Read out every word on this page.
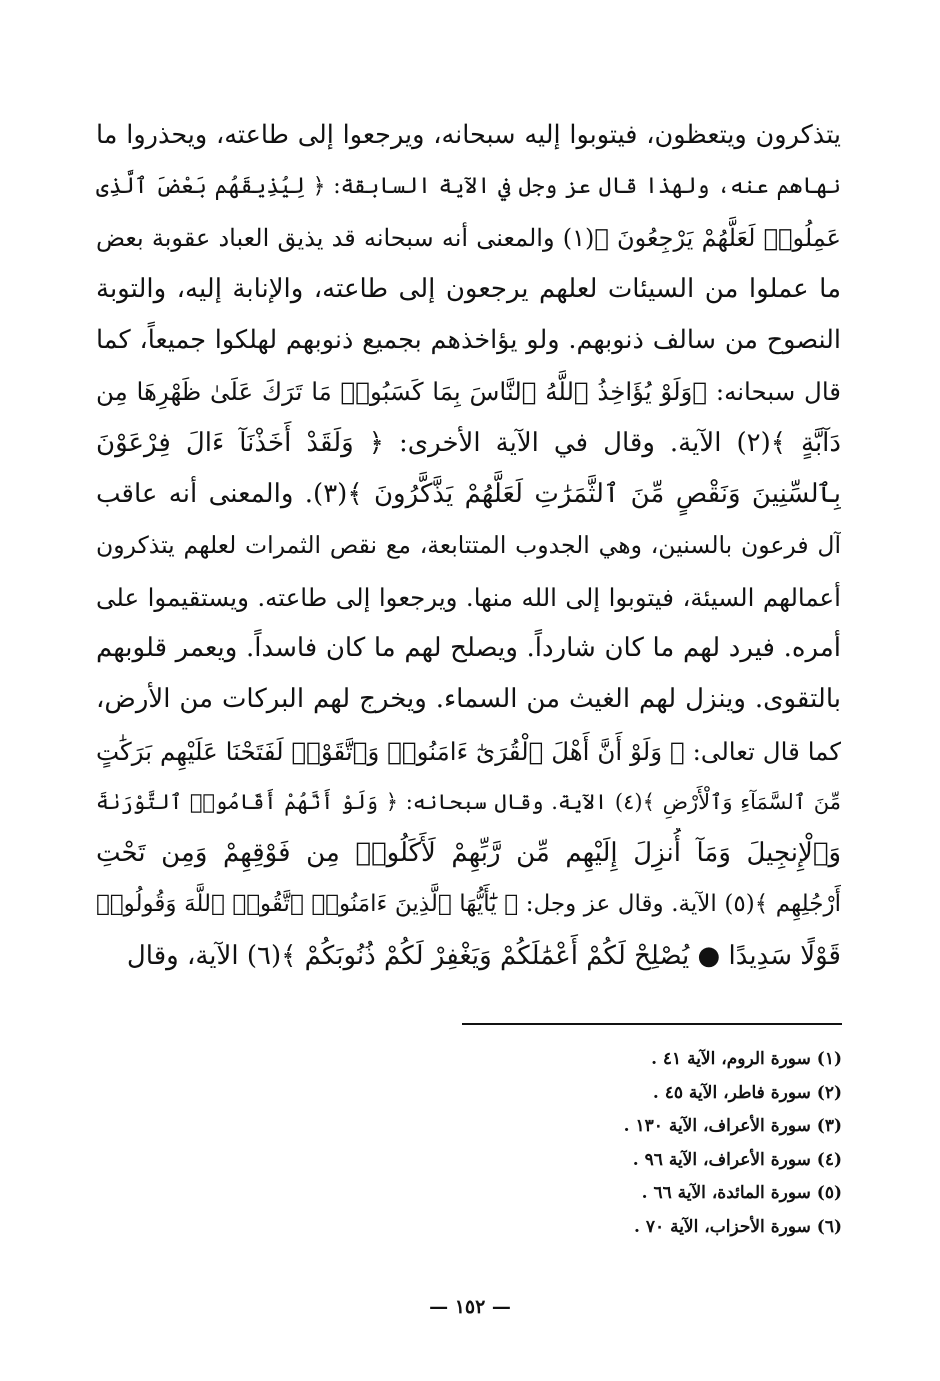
يتذكرون ويتعظون، فيتوبوا إليه سبحانه، ويرجعوا إلى طاعته، ويحذروا ما
نهاهم عنه، ولهذا قال عز وجل في الآية السابقة: ﴿ لِيُذِيقَهُم بَعْضَ ٱلَّذِى
عَمِلُوا۟ لَعَلَّهُمْ يَرْجِعُونَ ﴾(١) والمعنى أنه سبحانه قد يذيق العباد عقوبة بعض
ما عملوا من السيئات لعلهم يرجعون إلى طاعته، والإنابة إليه، والتوبة
النصوح من سالف ذنوبهم. ولو يؤاخذهم بجميع ذنوبهم لهلكوا جميعاً، كما
قال سبحانه: ﴿وَلَوْ يُؤَاخِذُ ٱللَّهُ ٱلنَّاسَ بِمَا كَسَبُوا۟ مَا تَرَكَ عَلَىٰ ظَهْرِهَا مِن
دَآبَّةٍ ﴾(٢) الآية. وقال في الآية الأخرى: ﴿ وَلَقَدْ أَخَذْنَآ ءَالَ فِرْعَوْنَ
بِٱلسِّنِينَ وَنَقْصٍ مِّنَ ٱلثَّمَرَٰتِ لَعَلَّهُمْ يَذَّكَّرُونَ ﴾(٣). والمعنى أنه عاقب
آل فرعون بالسنين، وهي الجدوب المتتابعة، مع نقص الثمرات لعلهم يتذكرون
أعمالهم السيئة، فيتوبوا إلى الله منها. ويرجعوا إلى طاعته. ويستقيموا على
أمره. فيرد لهم ما كان شارداً. ويصلح لهم ما كان فاسداً. ويعمر قلوبهم
بالتقوى. وينزل لهم الغيث من السماء. ويخرج لهم البركات من الأرض،
كما قال تعالى: ﴿ وَلَوْ أَنَّ أَهْلَ ٱلْقُرَىٰٓ ءَامَنُوا۟ وَٱتَّقَوْا۟ لَفَتَحْنَا عَلَيْهِم بَرَكَٰتٍ
مِّنَ ٱلسَّمَآءِ وَٱلْأَرْضِ ﴾(٤) الآية. وقال سبحانه: ﴿ وَلَوْ أَنَّهُمْ أَقَامُوا۟ ٱلتَّوْرَىٰةَ
وَٱلْإِنجِيلَ وَمَآ أُنزِلَ إِلَيْهِم مِّن رَّبِّهِمْ لَأَكَلُوا۟ مِن فَوْقِهِمْ وَمِن تَحْتِ
أَرْجُلِهِم ﴾(٥) الآية. وقال عز وجل: ﴿ يَٰٓأَيُّهَا ٱلَّذِينَ ءَامَنُوا۟ ٱتَّقُوا۟ ٱللَّهَ وَقُولُوا۟
قَوْلًا سَدِيدًا ● يُصْلِحْ لَكُمْ أَعْمَٰلَكُمْ وَيَغْفِرْ لَكُمْ ذُنُوبَكُمْ ﴾(٦) الآية، وقال

(١) سورة الروم، الآية ٤١ .
(٢) سورة فاطر، الآية ٤٥ .
(٣) سورة الأعراف، الآية ١٣٠ .
(٤) سورة الأعراف، الآية ٩٦ .
(٥) سورة المائدة، الآية ٦٦ .
(٦) سورة الأحزاب، الآية ٧٠ .
— ١٥٢ —
